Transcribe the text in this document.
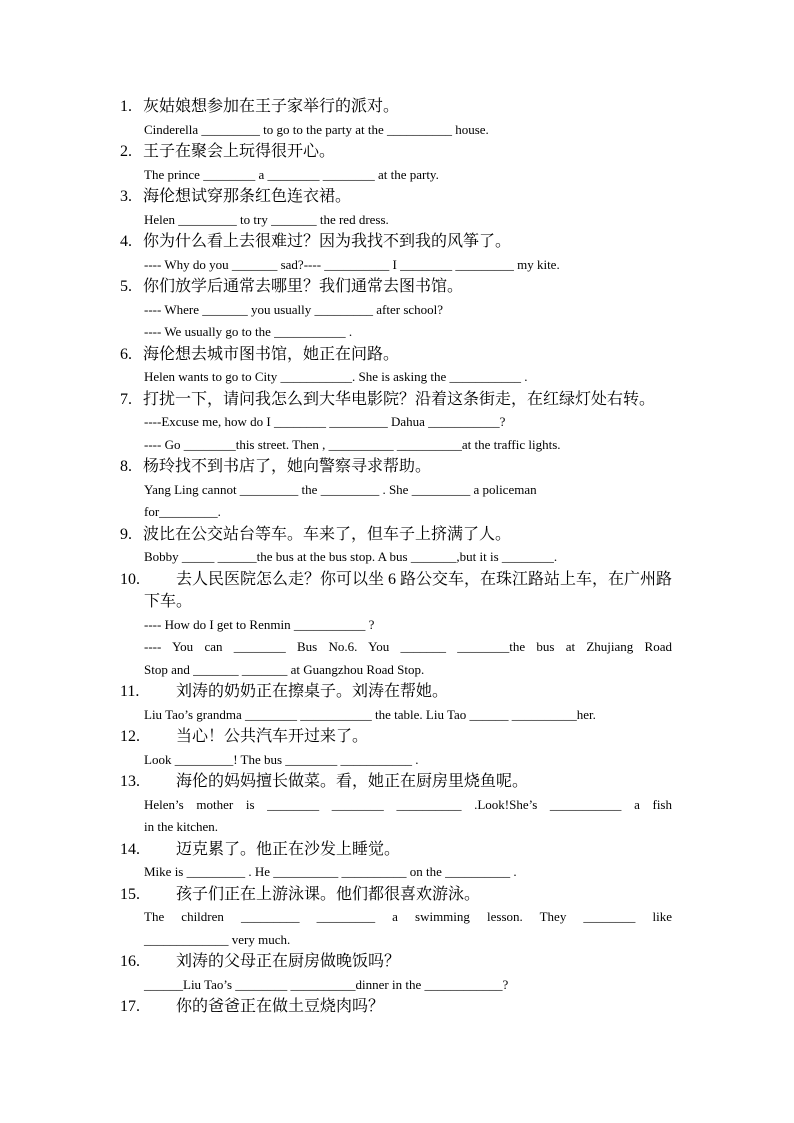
1. 灰姑娘想参加在王子家举行的派对。
Cinderella _________ to go to the party at the __________ house.
2. 王子在聚会上玩得很开心。
The prince ________ a ________ ________ at the party.
3. 海伦想试穿那条红色连衣裙。
Helen _________ to try _______ the red dress.
4. 你为什么看上去很难过？因为我找不到我的风筝了。
---- Why do you _______ sad?---- __________ I ________ _________ my kite.
5. 你们放学后通常去哪里？我们通常去图书馆。
---- Where _______ you usually _________ after school?
---- We usually go to the ___________ .
6. 海伦想去城市图书馆，她正在问路。
Helen wants to go to City ___________. She is asking the ___________ .
7. 打扰一下，请问我怎么到大华电影院？沿着这条街走，在红绿灯处右转。
----Excuse me, how do I ________ _________ Dahua ___________?
---- Go ________this street. Then , __________ __________at the traffic lights.
8. 杨玲找不到书店了，她向警察寻求帮助。
Yang Ling cannot _________ the _________ . She _________ a policeman
for_________.
9. 波比在公交站台等车。车来了，但车子上挤满了人。
Bobby _____ ______the bus at the bus stop. A bus _______,but it is ________.
10. 去人民医院怎么走？你可以坐 6 路公交车，在珠江路站上车，在广州路下车。
---- How do I get to Renmin ___________ ?
---- You can ________ Bus No.6. You _______ ________the bus at Zhujiang Road
Stop and _______ _______ at Guangzhou Road Stop.
11.	刘涛的奶奶正在擦桌子。刘涛在帮她。
Liu Tao’s grandma ________ ___________ the table. Liu Tao ______ __________her.
12.	当心！公共汽车开过来了。
Look _________! The bus ________ ___________ .
13.	海伦的妈妈擅长做菜。看，她正在厨房里烧鱼呢。
Helen’s mother is ________ ________ __________ .Look!She’s ___________ a fish
in the kitchen.
14.	迈克累了。他正在沙发上睡觉。
Mike is _________ . He __________ __________ on the __________ .
15.	孩子们正在上游泳课。他们都很喜欢游泳。
The children _________ _________ a swimming lesson. They ________ like
_____________ very much.
16.	刘涛的父母正在厨房做晚饭吗？
______Liu Tao’s ________ __________dinner in the ____________?
17.	你的爸爸正在做土豆烧肉吗？
